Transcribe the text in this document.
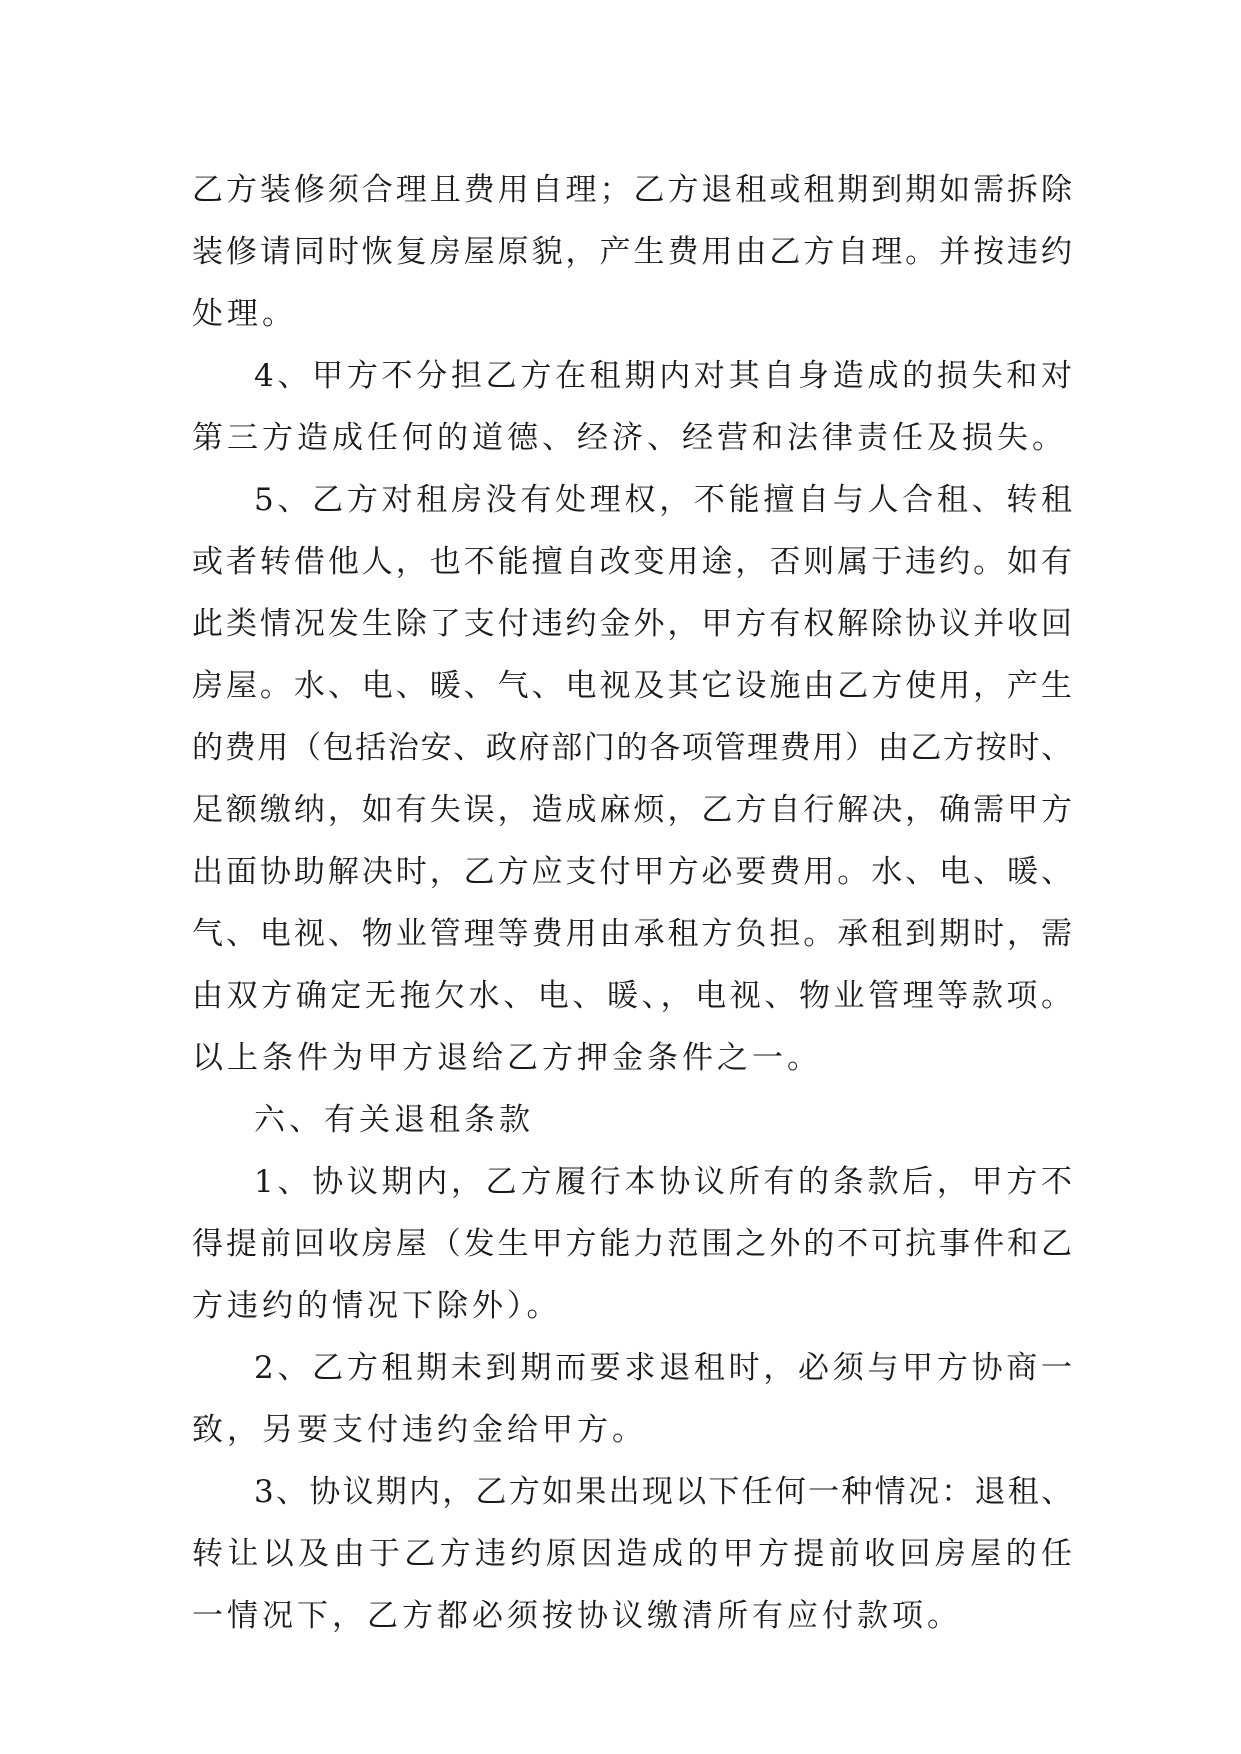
乙方装修须合理且费用自理；乙方退租或租期到期如需拆除
装修请同时恢复房屋原貌，产生费用由乙方自理。并按违约
处理。
4、甲方不分担乙方在租期内对其自身造成的损失和对
第三方造成任何的道德、经济、经营和法律责任及损失。
5、乙方对租房没有处理权，不能擅自与人合租、转租
或者转借他人，也不能擅自改变用途，否则属于违约。如有
此类情况发生除了支付违约金外，甲方有权解除协议并收回
房屋。水、电、暖、气、电视及其它设施由乙方使用，产生
的费用（包括治安、政府部门的各项管理费用）由乙方按时、
足额缴纳，如有失误，造成麻烦，乙方自行解决，确需甲方
出面协助解决时，乙方应支付甲方必要费用。水、电、暖、
气、电视、物业管理等费用由承租方负担。承租到期时，需
由双方确定无拖欠水、电、暖、，电视、物业管理等款项。
以上条件为甲方退给乙方押金条件之一。
六、有关退租条款
1、协议期内，乙方履行本协议所有的条款后，甲方不
得提前回收房屋（发生甲方能力范围之外的不可抗事件和乙
方违约的情况下除外）。
2、乙方租期未到期而要求退租时，必须与甲方协商一
致，另要支付违约金给甲方。
3、协议期内，乙方如果出现以下任何一种情况：退租、
转让以及由于乙方违约原因造成的甲方提前收回房屋的任
一情况下，乙方都必须按协议缴清所有应付款项。
